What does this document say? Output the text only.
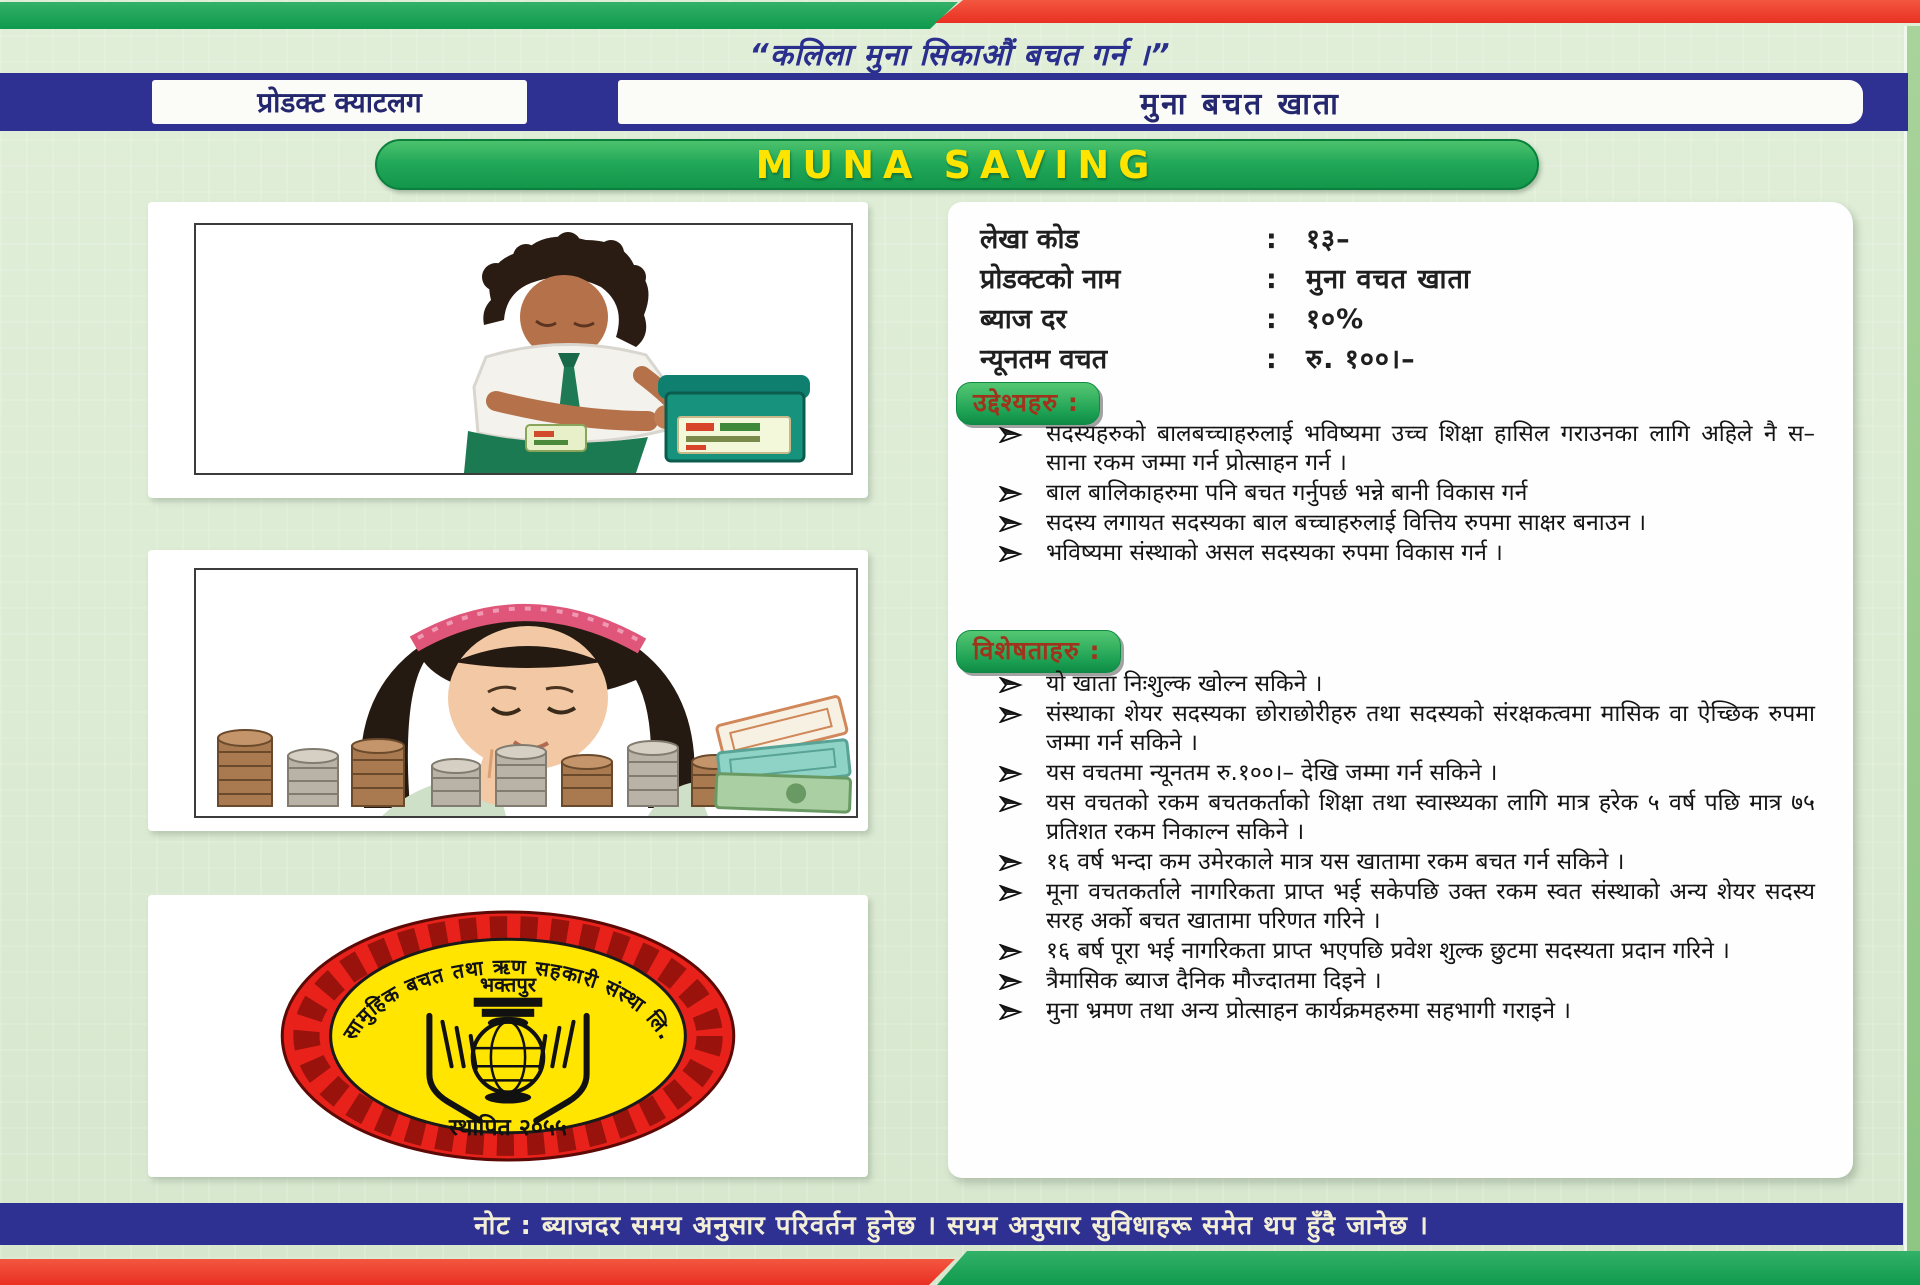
“कलिला मुना सिकाऔं बचत गर्न ।”
प्रोडक्ट क्याटलग	मुना बचत खाता
MUNA SAVING
सामुहिक बचत तथा ऋण सहकारी संस्था लि.
भक्तपुर
स्थापित २०५५
लेखा कोड	:	१३–
प्रोडक्टको नाम	:	मुना वचत खाता
ब्याज दर	:	१०%
न्यूनतम वचत	:	रु. १००।–
उद्देश्यहरु :
सदस्यहरुको बालबच्चाहरुलाई भविष्यमा उच्च शिक्षा हासिल गराउनका लागि अहिले नै स–साना रकम जम्मा गर्न प्रोत्साहन गर्न ।
बाल बालिकाहरुमा पनि बचत गर्नुपर्छ भन्ने बानी विकास गर्न
सदस्य लगायत सदस्यका बाल बच्चाहरुलाई वित्तिय रुपमा साक्षर बनाउन ।
भविष्यमा संस्थाको असल सदस्यका रुपमा विकास गर्न ।
विशेषताहरु :
यो खाता निःशुल्क खोल्न सकिने ।
संस्थाका शेयर सदस्यका छोराछोरीहरु तथा सदस्यको संरक्षकत्वमा मासिक वा ऐच्छिक रुपमा जम्मा गर्न सकिने ।
यस वचतमा न्यूनतम रु.१००।– देखि जम्मा गर्न सकिने ।
यस वचतको रकम बचतकर्ताको शिक्षा तथा स्वास्थ्यका लागि मात्र हरेक ५ वर्ष पछि मात्र ७५ प्रतिशत रकम निकाल्न सकिने ।
१६ वर्ष भन्दा कम उमेरकाले मात्र यस खातामा रकम बचत गर्न सकिने ।
मूना वचतकर्ताले नागरिकता प्राप्त भई सकेपछि उक्त रकम स्वत संस्थाको अन्य शेयर सदस्य सरह अर्को बचत खातामा परिणत गरिने ।
१६ बर्ष पूरा भई नागरिकता प्राप्त भएपछि प्रवेश शुल्क छुटमा सदस्यता प्रदान गरिने ।
त्रैमासिक ब्याज दैनिक मौज्दातमा दिइने ।
मुना भ्रमण तथा अन्य प्रोत्साहन कार्यक्रमहरुमा सहभागी गराइने ।
नोट : ब्याजदर समय अनुसार परिवर्तन हुनेछ । सयम अनुसार सुविधाहरू समेत थप हुँदै जानेछ ।
